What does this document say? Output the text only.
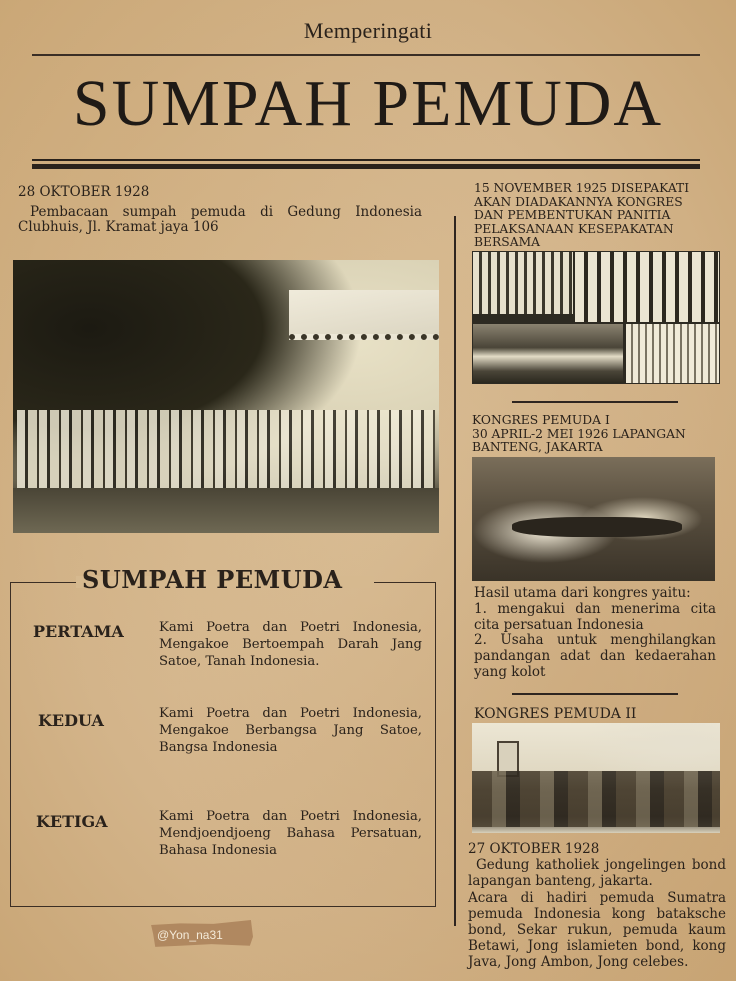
Memperingati
SUMPAH PEMUDA
28 OKTOBER 1928
Pembacaan sumpah pemuda di Gedung Indonesia Clubhuis, Jl. Kramat jaya 106
SUMPAH PEMUDA
PERTAMA	Kami Poetra dan Poetri Indonesia, Mengakoe Bertoempah Darah Jang Satoe, Tanah Indonesia.
KEDUA	Kami Poetra dan Poetri Indonesia, Mengakoe Berbangsa Jang Satoe, Bangsa Indonesia
KETIGA	Kami Poetra dan Poetri Indonesia, Mendjoendjoeng Bahasa Persatuan, Bahasa Indonesia
@Yon_na31
15 NOVEMBER 1925 DISEPAKATI AKAN DIADAKANNYA KONGRES DAN PEMBENTUKAN PANITIA PELAKSANAAN KESEPAKATAN BERSAMA
KONGRES PEMUDA I
30 APRIL-2 MEI 1926 LAPANGAN BANTENG, JAKARTA
Hasil utama dari kongres yaitu:
1. mengakui dan menerima cita cita persatuan Indonesia
2. Usaha untuk menghilangkan pandangan adat dan kedaerahan yang kolot
KONGRES PEMUDA II
27 OKTOBER 1928
Gedung katholiek jongelingen bond lapangan banteng, jakarta.
Acara di hadiri pemuda Sumatra pemuda Indonesia kong bataksche bond, Sekar rukun, pemuda kaum Betawi, Jong islamieten bond, kong Java, Jong Ambon, Jong celebes.
